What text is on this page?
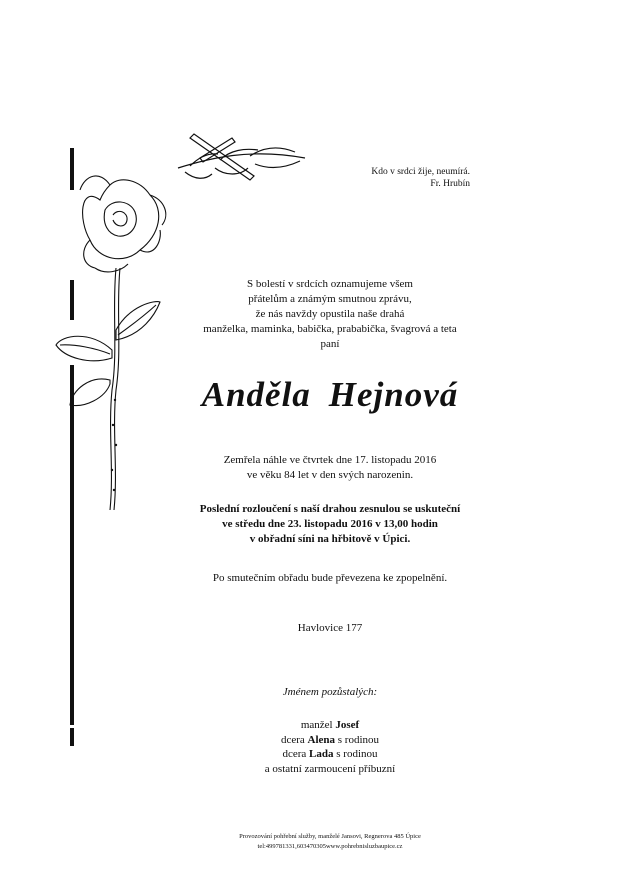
Kdo v srdci žije, neumírá.
Fr. Hrubín
S bolestí v srdcích oznamujeme všem
přátelům a známým smutnou zprávu,
že nás navždy opustila naše drahá
manželka, maminka, babička, prababička, švagrová a teta
paní
Anděla Hejnová
Zemřela náhle ve čtvrtek dne 17. listopadu 2016
ve věku 84 let v den svých narozenin.
Poslední rozloučení s naší drahou zesnulou se uskuteční
ve středu dne 23. listopadu 2016 v 13,00 hodin
v obřadní síni na hřbitově v Úpici.
Po smutečním obřadu bude převezena ke zpopelnění.
Havlovice 177
Jménem pozůstalých:
manžel Josef
dcera Alena s rodinou
dcera Lada s rodinou
a ostatní zarmoucení příbuzní
Provozování pohřební služby, manželé Jansovi, Regnerova 485 Úpice
tel:499781331,603470305www.pohrebnisluzbaupice.cz
